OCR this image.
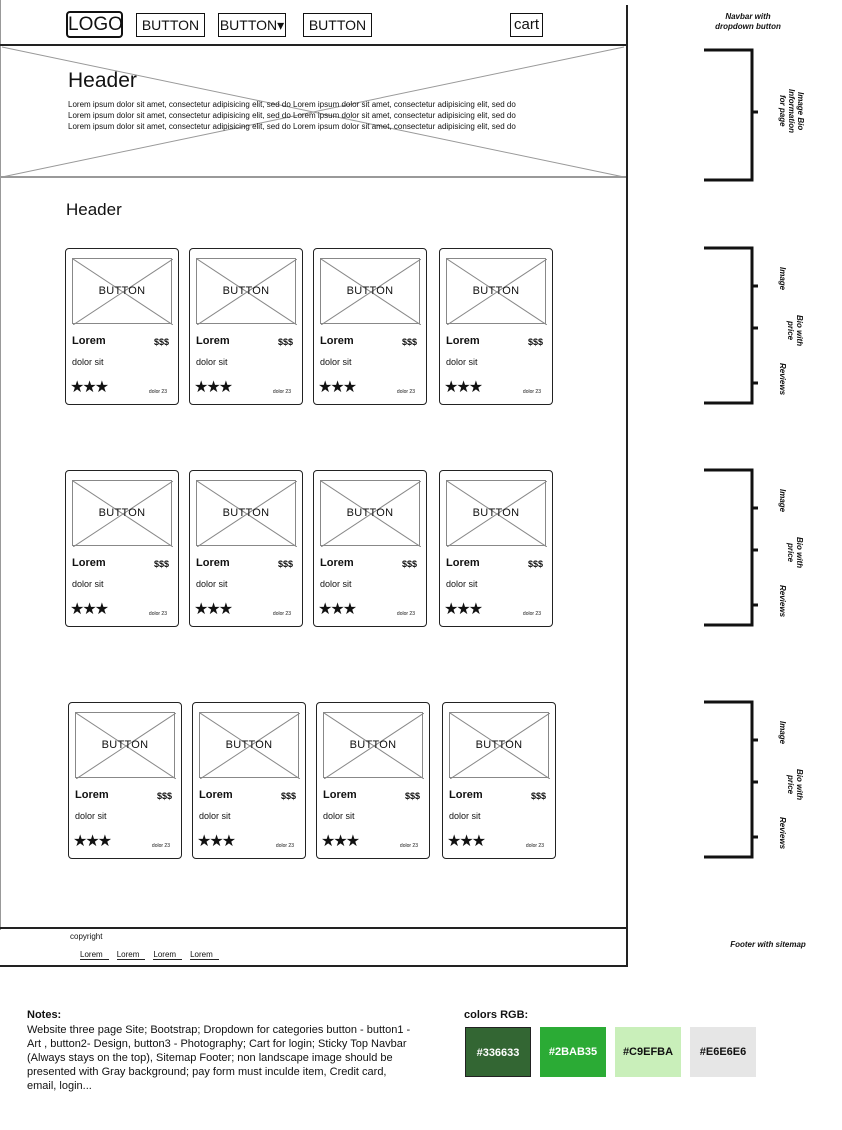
LOGO	BUTTON	BUTTON▾	BUTTON	cart
Header
Lorem ipsum dolor sit amet, consectetur adipisicing elit, sed do Lorem ipsum dolor sit amet, consectetur adipisicing elit, sed do
Lorem ipsum dolor sit amet, consectetur adipisicing elit, sed do Lorem ipsum dolor sit amet, consectetur adipisicing elit, sed do
Lorem ipsum dolor sit amet, consectetur adipisicing elit, sed do Lorem ipsum dolor sit amet, consectetur adipisicing elit, sed do
Header
BUTTON
Lorem	$$$
dolor sit
★★★	dolor 23
BUTTON
Lorem	$$$
dolor sit
★★★	dolor 23
BUTTON
Lorem	$$$
dolor sit
★★★	dolor 23
BUTTON
Lorem	$$$
dolor sit
★★★	dolor 23
BUTTON
Lorem	$$$
dolor sit
★★★	dolor 23
BUTTON
Lorem	$$$
dolor sit
★★★	dolor 23
BUTTON
Lorem	$$$
dolor sit
★★★	dolor 23
BUTTON
Lorem	$$$
dolor sit
★★★	dolor 23
BUTTON
Lorem	$$$
dolor sit
★★★	dolor 23
BUTTON
Lorem	$$$
dolor sit
★★★	dolor 23
BUTTON
Lorem	$$$
dolor sit
★★★	dolor 23
BUTTON
Lorem	$$$
dolor sit
★★★	dolor 23
copyright
Lorem	Lorem	Lorem	Lorem
Navbar with dropdown button
Image Bio Information for page
Image
Bio with price
Reviews
Image
Bio with price
Reviews
Image
Bio with price
Reviews
Footer with sitemap
Notes:
Website three page Site; Bootstrap; Dropdown for categories button - button1 - Art , button2- Design, button3 - Photography; Cart for login; Sticky Top Navbar (Always stays on the top), Sitemap Footer; non landscape image should be presented with Gray background; pay form must inculde item, Credit card, email, login...
colors RGB:
#336633	#2BAB35	#C9EFBA	#E6E6E6
